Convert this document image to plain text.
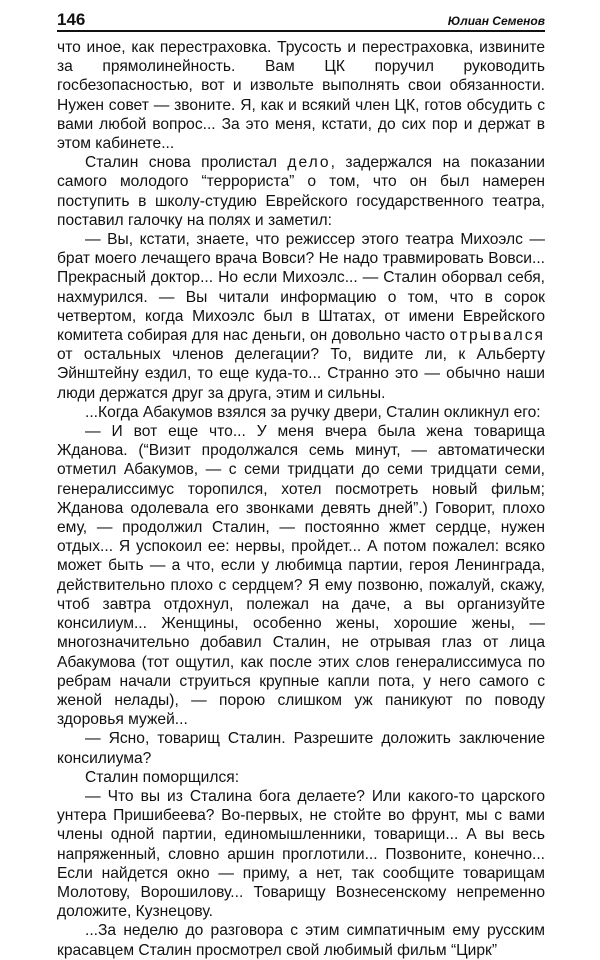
146	Юлиан Семенов

что иное, как перестраховка. Трусость и перестраховка, извините за прямолинейность. Вам ЦК поручил руководить госбезопасностью, вот и извольте выполнять свои обязанности. Нужен совет — звоните. Я, как и всякий член ЦК, готов обсудить с вами любой вопрос... За это меня, кстати, до сих пор и держат в этом кабинете...

Сталин снова пролистал дело, задержался на показании самого молодого “террориста” о том, что он был намерен поступить в школу-студию Еврейского государственного театра, поставил галочку на полях и заметил:

— Вы, кстати, знаете, что режиссер этого театра Михоэлс — брат моего лечащего врача Вовси? Не надо травмировать Вовси... Прекрасный доктор... Но если Михоэлс... — Сталин оборвал себя, нахмурился. — Вы читали информацию о том, что в сорок четвертом, когда Михоэлс был в Штатах, от имени Еврейского комитета собирая для нас деньги, он довольно часто отрывался от остальных членов делегации? То, видите ли, к Альберту Эйнштейну ездил, то еще куда-то... Странно это — обычно наши люди держатся друг за друга, этим и сильны.

...Когда Абакумов взялся за ручку двери, Сталин окликнул его:

— И вот еще что... У меня вчера была жена товарища Жданова. (“Визит продолжался семь минут, — автоматически отметил Абакумов, — с семи тридцати до семи тридцати семи, генералиссимус торопился, хотел посмотреть новый фильм; Жданова одолевала его звонками девять дней”.) Говорит, плохо ему, — продолжил Сталин, — постоянно жмет сердце, нужен отдых... Я успокоил ее: нервы, пройдет... А потом пожалел: всяко может быть — а что, если у любимца партии, героя Ленинграда, действительно плохо с сердцем? Я ему позвоню, пожалуй, скажу, чтоб завтра отдохнул, полежал на даче, а вы организуйте консилиум... Женщины, особенно жены, хорошие жены, — многозначительно добавил Сталин, не отрывая глаз от лица Абакумова (тот ощутил, как после этих слов генералиссимуса по ребрам начали струиться крупные капли пота, у него самого с женой нелады), — порою слишком уж паникуют по поводу здоровья мужей...

— Ясно, товарищ Сталин. Разрешите доложить заключение консилиума?

Сталин поморщился:

— Что вы из Сталина бога делаете? Или какого-то царского унтера Пришибеева? Во-первых, не стойте во фрунт, мы с вами члены одной партии, единомышленники, товарищи... А вы весь напряженный, словно аршин проглотили... Позвоните, конечно... Если найдется окно — приму, а нет, так сообщите товарищам Молотову, Ворошилову... Товарищу Вознесенскому непременно доложите, Кузнецову.

...За неделю до разговора с этим симпатичным ему русским красавцем Сталин просмотрел свой любимый фильм “Цирк”
